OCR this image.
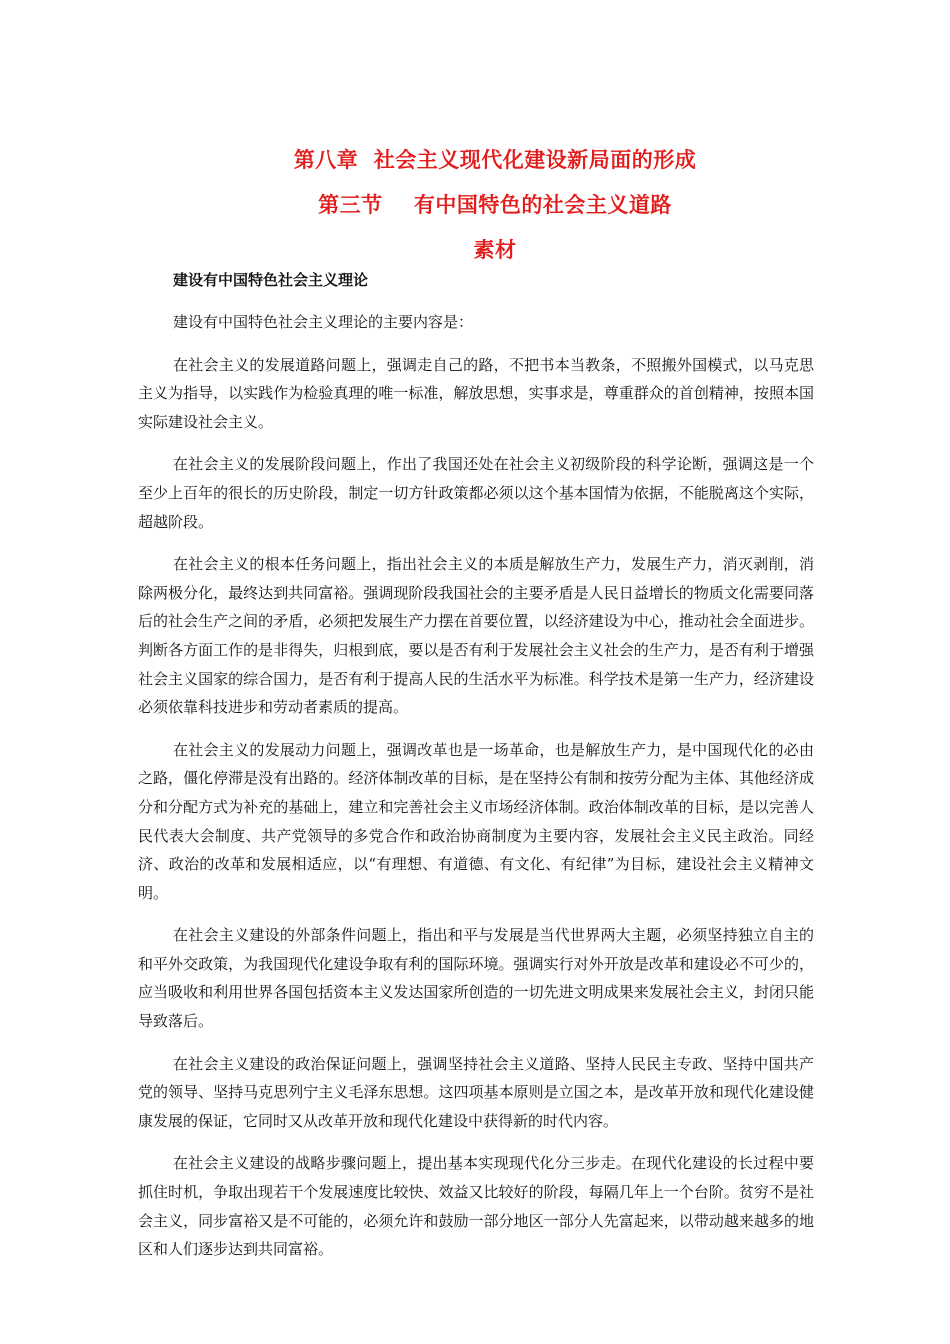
第八章  社会主义现代化建设新局面的形成
第三节    有中国特色的社会主义道路
素材
建设有中国特色社会主义理论

建设有中国特色社会主义理论的主要内容是：

在社会主义的发展道路问题上，强调走自己的路，不把书本当教条，不照搬外国模式，以马克思主义为指导，以实践作为检验真理的唯一标准，解放思想，实事求是，尊重群众的首创精神，按照本国实际建设社会主义。

在社会主义的发展阶段问题上，作出了我国还处在社会主义初级阶段的科学论断，强调这是一个至少上百年的很长的历史阶段，制定一切方针政策都必须以这个基本国情为依据，不能脱离这个实际，超越阶段。

在社会主义的根本任务问题上，指出社会主义的本质是解放生产力，发展生产力，消灭剥削，消除两极分化，最终达到共同富裕。强调现阶段我国社会的主要矛盾是人民日益增长的物质文化需要同落后的社会生产之间的矛盾，必须把发展生产力摆在首要位置，以经济建设为中心，推动社会全面进步。判断各方面工作的是非得失，归根到底，要以是否有利于发展社会主义社会的生产力，是否有利于增强社会主义国家的综合国力，是否有利于提高人民的生活水平为标准。科学技术是第一生产力，经济建设必须依靠科技进步和劳动者素质的提高。

在社会主义的发展动力问题上，强调改革也是一场革命，也是解放生产力，是中国现代化的必由之路，僵化停滞是没有出路的。经济体制改革的目标，是在坚持公有制和按劳分配为主体、其他经济成分和分配方式为补充的基础上，建立和完善社会主义市场经济体制。政治体制改革的目标，是以完善人民代表大会制度、共产党领导的多党合作和政治协商制度为主要内容，发展社会主义民主政治。同经济、政治的改革和发展相适应，以“有理想、有道德、有文化、有纪律”为目标，建设社会主义精神文明。

在社会主义建设的外部条件问题上，指出和平与发展是当代世界两大主题，必须坚持独立自主的和平外交政策，为我国现代化建设争取有利的国际环境。强调实行对外开放是改革和建设必不可少的，应当吸收和利用世界各国包括资本主义发达国家所创造的一切先进文明成果来发展社会主义，封闭只能导致落后。

在社会主义建设的政治保证问题上，强调坚持社会主义道路、坚持人民民主专政、坚持中国共产党的领导、坚持马克思列宁主义毛泽东思想。这四项基本原则是立国之本，是改革开放和现代化建设健康发展的保证，它同时又从改革开放和现代化建设中获得新的时代内容。

在社会主义建设的战略步骤问题上，提出基本实现现代化分三步走。在现代化建设的长过程中要抓住时机，争取出现若干个发展速度比较快、效益又比较好的阶段，每隔几年上一个台阶。贫穷不是社会主义，同步富裕又是不可能的，必须允许和鼓励一部分地区一部分人先富起来，以带动越来越多的地区和人们逐步达到共同富裕。
